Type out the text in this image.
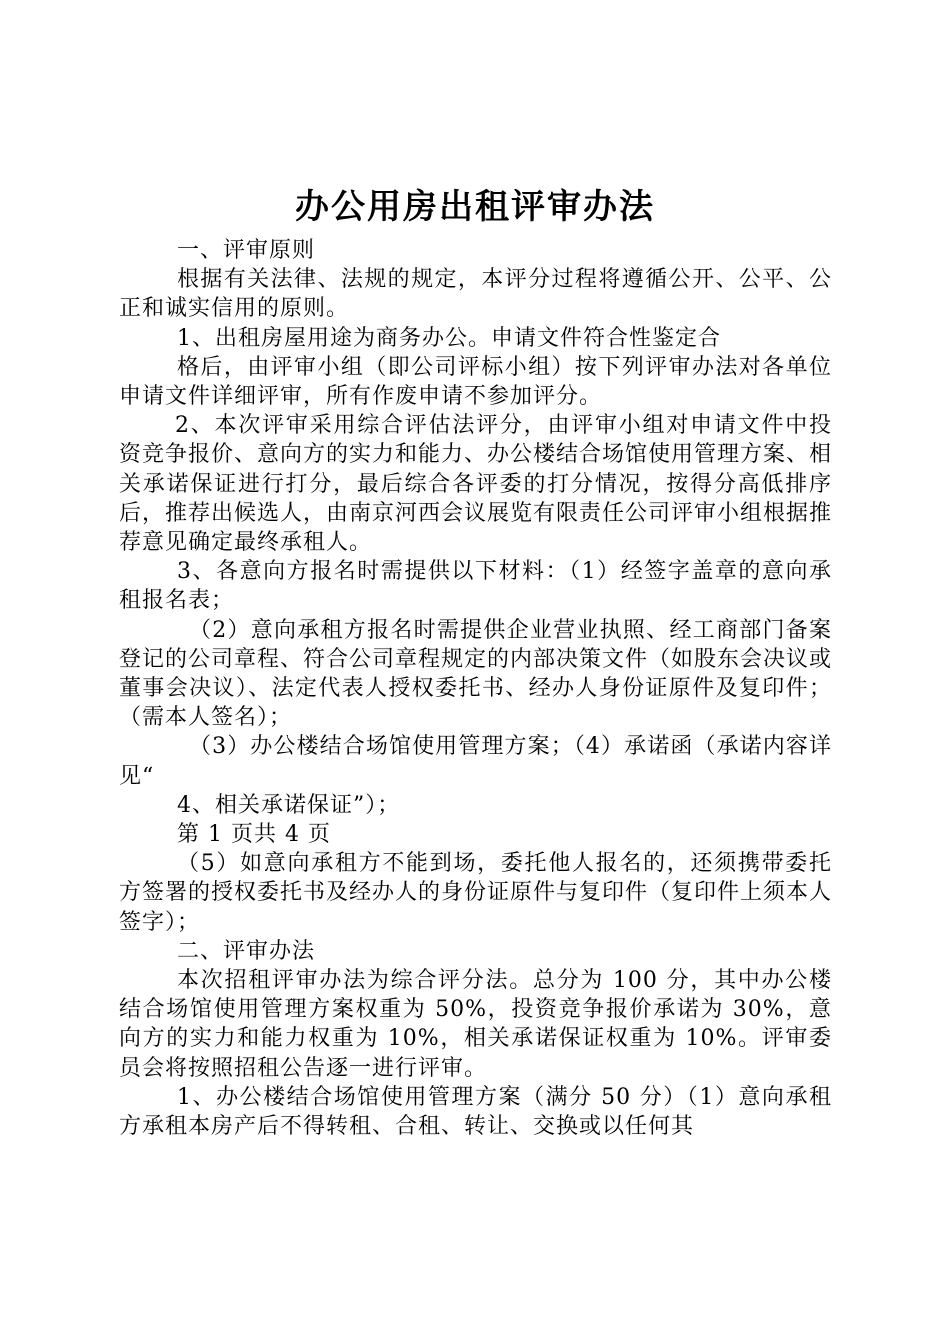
办公用房出租评审办法

一、评审原则

根据有关法律、法规的规定，本评分过程将遵循公开、公平、公正和诚实信用的原则。

1、出租房屋用途为商务办公。申请文件符合性鉴定合

格后，由评审小组（即公司评标小组）按下列评审办法对各单位申请文件详细评审，所有作废申请不参加评分。

2、本次评审采用综合评估法评分，由评审小组对申请文件中投资竞争报价、意向方的实力和能力、办公楼结合场馆使用管理方案、相关承诺保证进行打分，最后综合各评委的打分情况，按得分高低排序后，推荐出候选人，由南京河西会议展览有限责任公司评审小组根据推荐意见确定最终承租人。

3、各意向方报名时需提供以下材料：（1）经签字盖章的意向承租报名表；

（2）意向承租方报名时需提供企业营业执照、经工商部门备案登记的公司章程、符合公司章程规定的内部决策文件（如股东会决议或董事会决议）、法定代表人授权委托书、经办人身份证原件及复印件；（需本人签名）；

（3）办公楼结合场馆使用管理方案；（4）承诺函（承诺内容详见“

4、相关承诺保证”）；

第 1 页共 4 页

（5）如意向承租方不能到场，委托他人报名的，还须携带委托方签署的授权委托书及经办人的身份证原件与复印件（复印件上须本人签字）；

二、评审办法

本次招租评审办法为综合评分法。总分为 100 分，其中办公楼结合场馆使用管理方案权重为 50%，投资竞争报价承诺为 30%，意向方的实力和能力权重为 10%，相关承诺保证权重为 10%。评审委员会将按照招租公告逐一进行评审。

1、办公楼结合场馆使用管理方案（满分 50 分）（1）意向承租方承租本房产后不得转租、合租、转让、交换或以任何其
